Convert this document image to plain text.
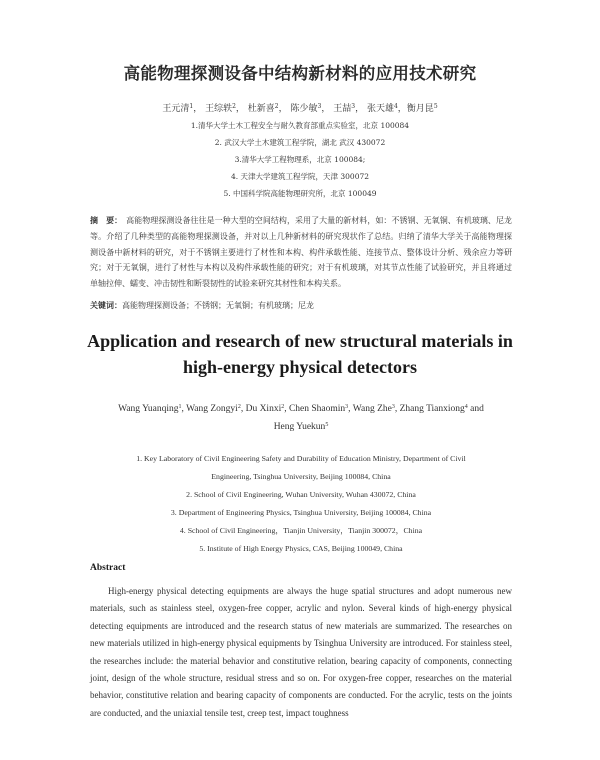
高能物理探测设备中结构新材料的应用技术研究
王元清$^1$， 王综轶$^2$， 杜新喜$^2$， 陈少敏$^3$， 王喆$^3$， 张天雄$^4$，衡月昆$^5$
1.清华大学土木工程安全与耐久教育部重点实验室，北京 100084
2. 武汉大学土木建筑工程学院，湖北 武汉 430072
3.清华大学工程物理系，北京 100084;
4. 天津大学建筑工程学院，天津 300072
5. 中国科学院高能物理研究所，北京 100049
摘　要： 高能物理探测设备往往是一种大型的空间结构，采用了大量的新材料，如：不锈钢、无氧铜、有机玻璃、尼龙等。介绍了几种类型的高能物理探测设备，并对以上几种新材料的研究现状作了总结。归纳了清华大学关于高能物理探测设备中新材料的研究，对于不锈钢主要进行了材性和本构、构件承载性能、连接节点、整体设计分析、残余应力等研究；对于无氧铜，进行了材性与本构以及构件承载性能的研究；对于有机玻璃，对其节点性能了试验研究，并且将通过单轴拉伸、蠕变、冲击韧性和断裂韧性的试验来研究其材性和本构关系。
关键词：高能物理探测设备；不锈钢；无氧铜；有机玻璃；尼龙
Application and research of new structural materials in
high-energy physical detectors
Wang Yuanqing$^1$, Wang Zongyi$^2$, Du Xinxi$^2$, Chen Shaomin$^3$, Wang Zhe$^3$, Zhang Tianxiong$^4$ and
Heng Yuekun$^5$
1. Key Laboratory of Civil Engineering Safety and Durability of Education Ministry, Department of Civil
Engineering, Tsinghua University, Beijing 100084, China
2. School of Civil Engineering, Wuhan University, Wuhan 430072, China
3. Department of Engineering Physics, Tsinghua University, Beijing 100084, China
4. School of Civil Engineering，Tianjin University，Tianjin 300072，China
5. Institute of High Energy Physics, CAS, Beijing 100049, China
Abstract
High-energy physical detecting equipments are always the huge spatial structures and adopt numerous new materials, such as stainless steel, oxygen-free copper, acrylic and nylon. Several kinds of high-energy physical detecting equipments are introduced and the research status of new materials are summarized. The researches on new materials utilized in high-energy physical equipments by Tsinghua University are introduced. For stainless steel, the researches include: the material behavior and constitutive relation, bearing capacity of components, connecting joint, design of the whole structure, residual stress and so on. For oxygen-free copper, researches on the material behavior, constitutive relation and bearing capacity of components are conducted. For the acrylic, tests on the joints are conducted, and the uniaxial tensile test, creep test, impact toughness
